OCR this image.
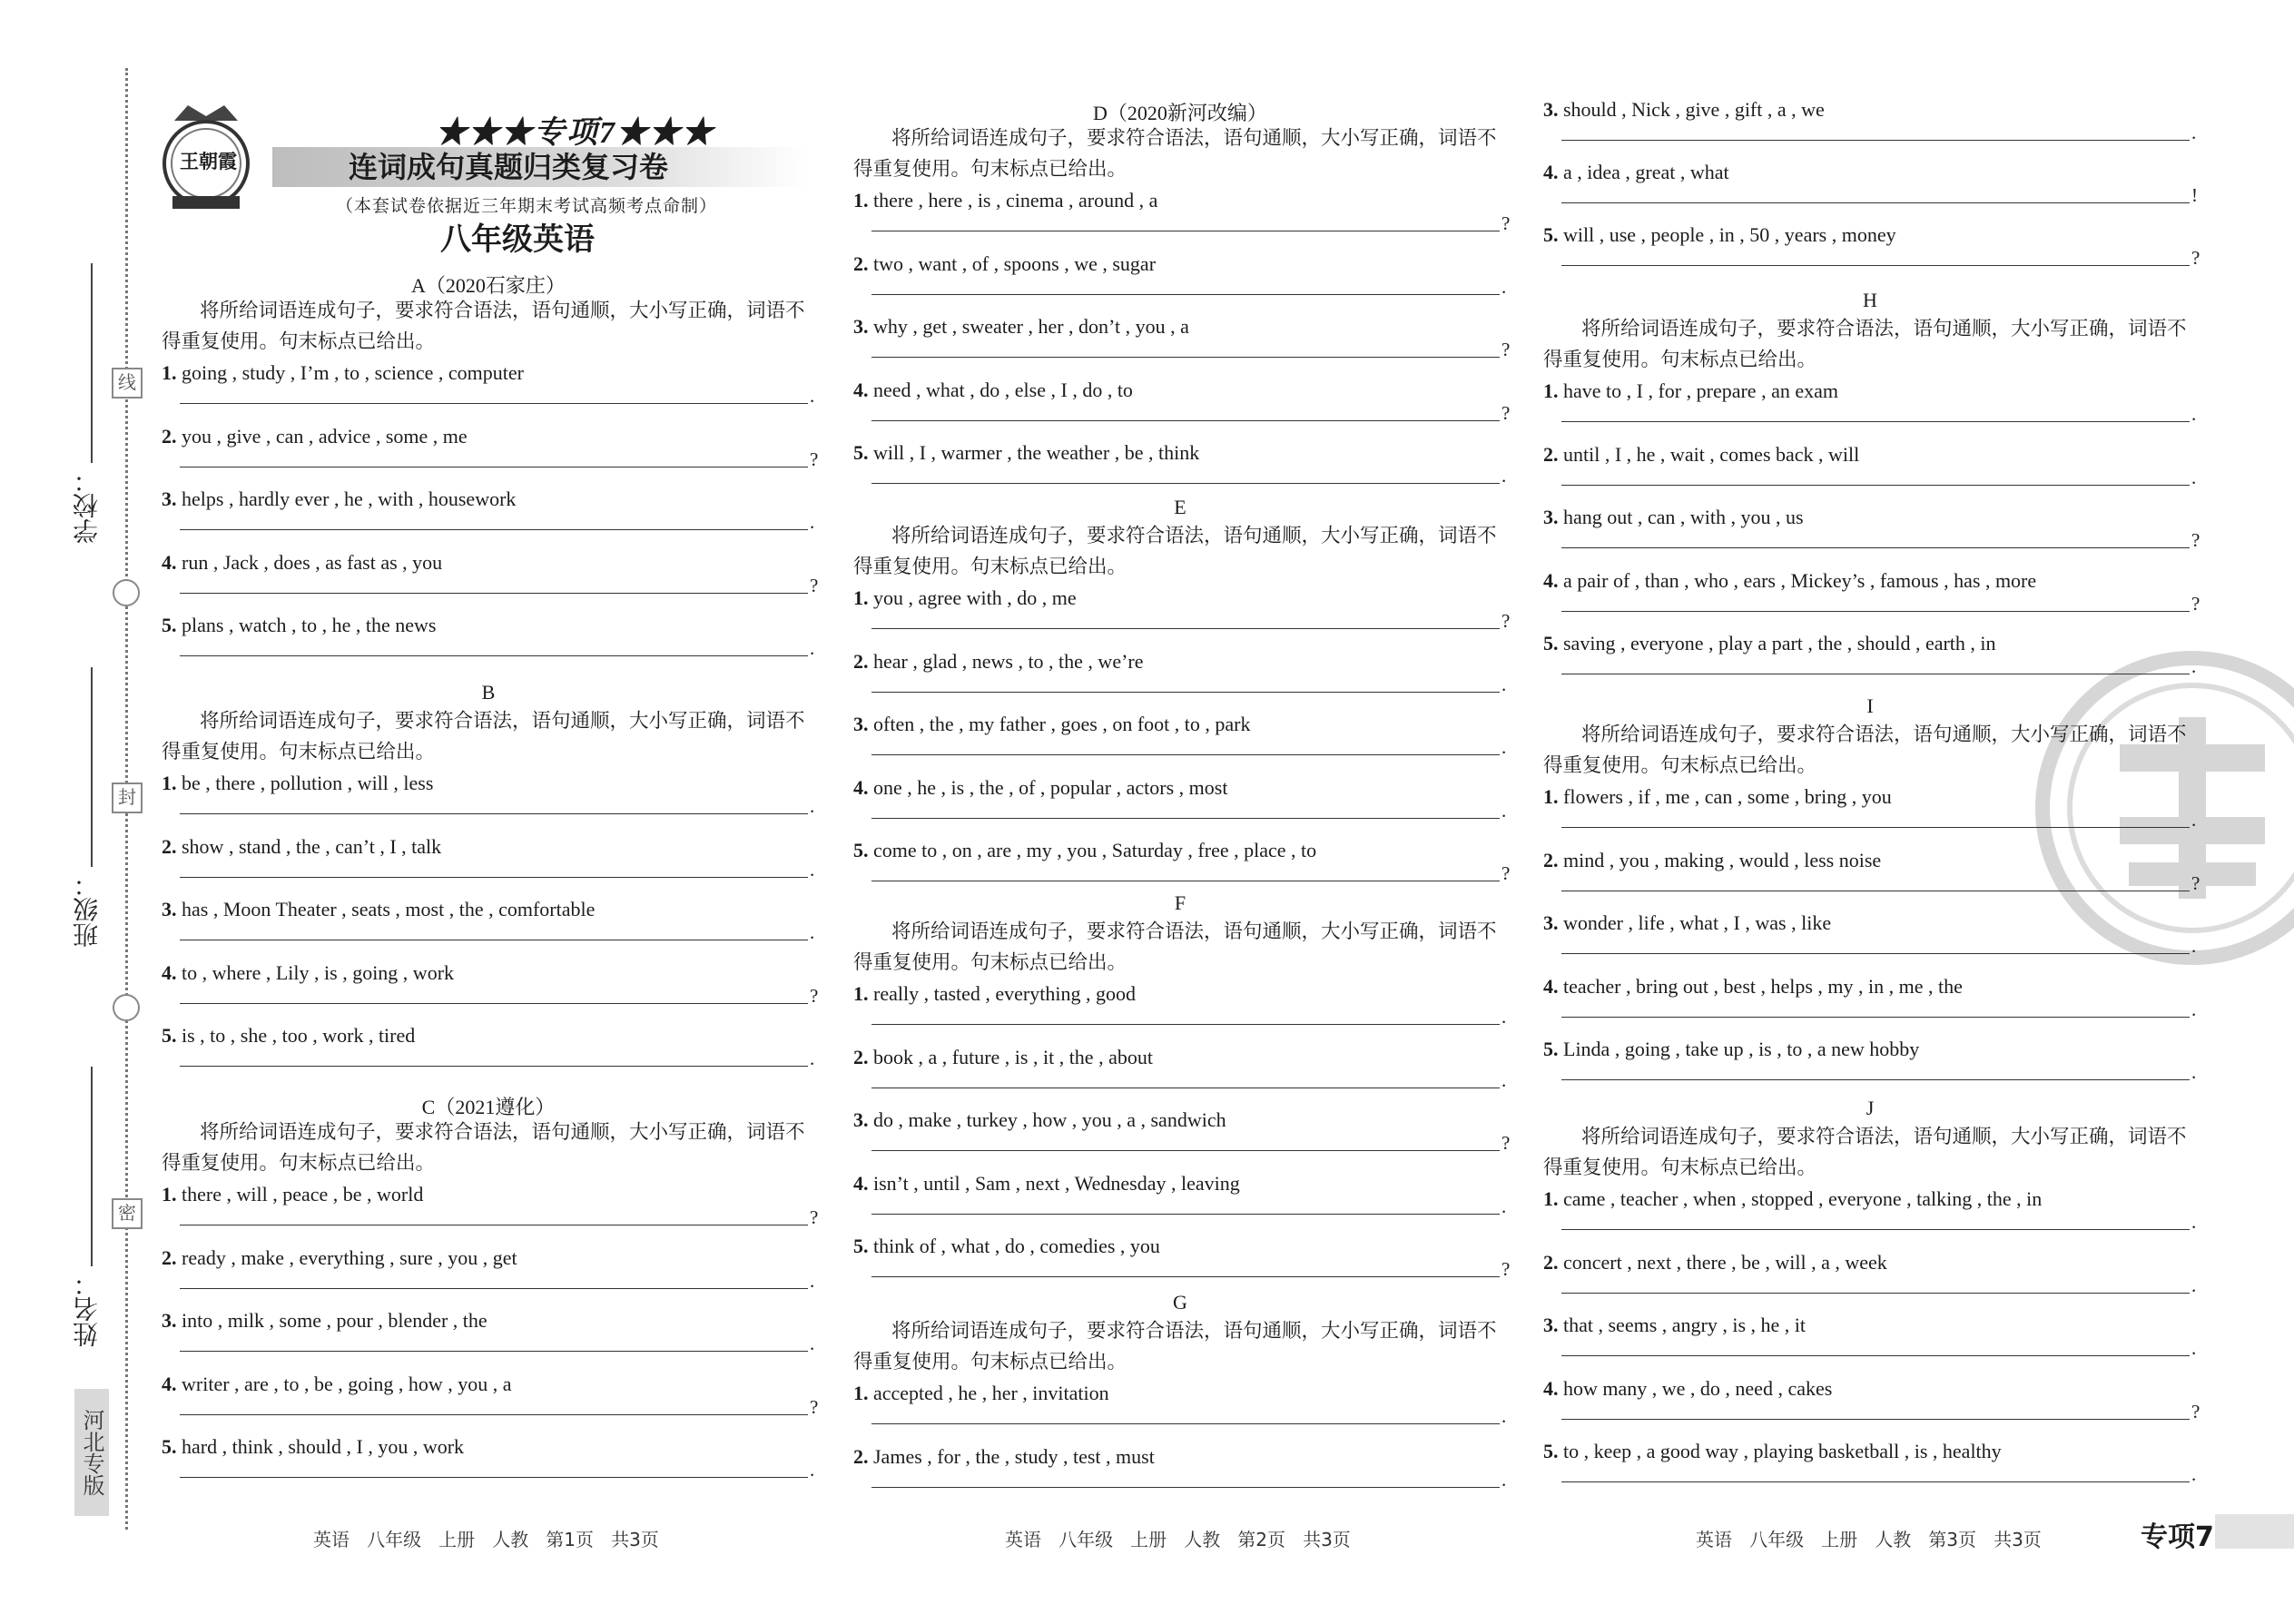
线
封
密
学校：
班级：
姓名：
河北专版
王朝霞
★★★专项7★★★
连词成句真题归类复习卷
（本套试卷依据近三年期末考试高频考点命制）
八年级英语
A（2020石家庄）
将所给词语连成句子，要求符合语法，语句通顺，大小写正确，词语不得重复使用。句末标点已给出。
1. going , study , I’m , to , science , computer
.
2. you , give , can , advice , some , me
?
3. helps , hardly ever , he , with , housework
.
4. run , Jack , does , as fast as , you
?
5. plans , watch , to , he , the news
.
B
将所给词语连成句子，要求符合语法，语句通顺，大小写正确，词语不得重复使用。句末标点已给出。
1. be , there , pollution , will , less
.
2. show , stand , the , can’t , I , talk
.
3. has , Moon Theater , seats , most , the , comfortable
.
4. to , where , Lily , is , going , work
?
5. is , to , she , too , work , tired
.
C（2021遵化）
将所给词语连成句子，要求符合语法，语句通顺，大小写正确，词语不得重复使用。句末标点已给出。
1. there , will , peace , be , world
?
2. ready , make , everything , sure , you , get
.
3. into , milk , some , pour , blender , the
.
4. writer , are , to , be , going , how , you , a
?
5. hard , think , should , I , you , work
.
D（2020新河改编）
将所给词语连成句子，要求符合语法，语句通顺，大小写正确，词语不得重复使用。句末标点已给出。
1. there , here , is , cinema , around , a
?
2. two , want , of , spoons , we , sugar
.
3. why , get , sweater , her , don’t , you , a
?
4. need , what , do , else , I , do , to
?
5. will , I , warmer , the weather , be , think
.
E
将所给词语连成句子，要求符合语法，语句通顺，大小写正确，词语不得重复使用。句末标点已给出。
1. you , agree with , do , me
?
2. hear , glad , news , to , the , we’re
.
3. often , the , my father , goes , on foot , to , park
.
4. one , he , is , the , of , popular , actors , most
.
5. come to , on , are , my , you , Saturday , free , place , to
?
F
将所给词语连成句子，要求符合语法，语句通顺，大小写正确，词语不得重复使用。句末标点已给出。
1. really , tasted , everything , good
.
2. book , a , future , is , it , the , about
.
3. do , make , turkey , how , you , a , sandwich
?
4. isn’t , until , Sam , next , Wednesday , leaving
.
5. think of , what , do , comedies , you
?
G
将所给词语连成句子，要求符合语法，语句通顺，大小写正确，词语不得重复使用。句末标点已给出。
1. accepted , he , her , invitation
.
2. James , for , the , study , test , must
.
3. should , Nick , give , gift , a , we
.
4. a , idea , great , what
!
5. will , use , people , in , 50 , years , money
?
H
将所给词语连成句子，要求符合语法，语句通顺，大小写正确，词语不得重复使用。句末标点已给出。
1. have to , I , for , prepare , an exam
.
2. until , I , he , wait , comes back , will
.
3. hang out , can , with , you , us
?
4. a pair of , than , who , ears , Mickey’s , famous , has , more
?
5. saving , everyone , play a part , the , should , earth , in
.
I
将所给词语连成句子，要求符合语法，语句通顺，大小写正确，词语不得重复使用。句末标点已给出。
1. flowers , if , me , can , some , bring , you
.
2. mind , you , making , would , less noise
?
3. wonder , life , what , I , was , like
.
4. teacher , bring out , best , helps , my , in , me , the
.
5. Linda , going , take up , is , to , a new hobby
.
J
将所给词语连成句子，要求符合语法，语句通顺，大小写正确，词语不得重复使用。句末标点已给出。
1. came , teacher , when , stopped , everyone , talking , the , in
.
2. concert , next , there , be , will , a , week
.
3. that , seems , angry , is , he , it
.
4. how many , we , do , need , cakes
?
5. to , keep , a good way , playing basketball , is , healthy
.
英语   八年级   上册   人教   第1页   共3页	英语   八年级   上册   人教   第2页   共3页	英语   八年级   上册   人教   第3页   共3页	专项7
